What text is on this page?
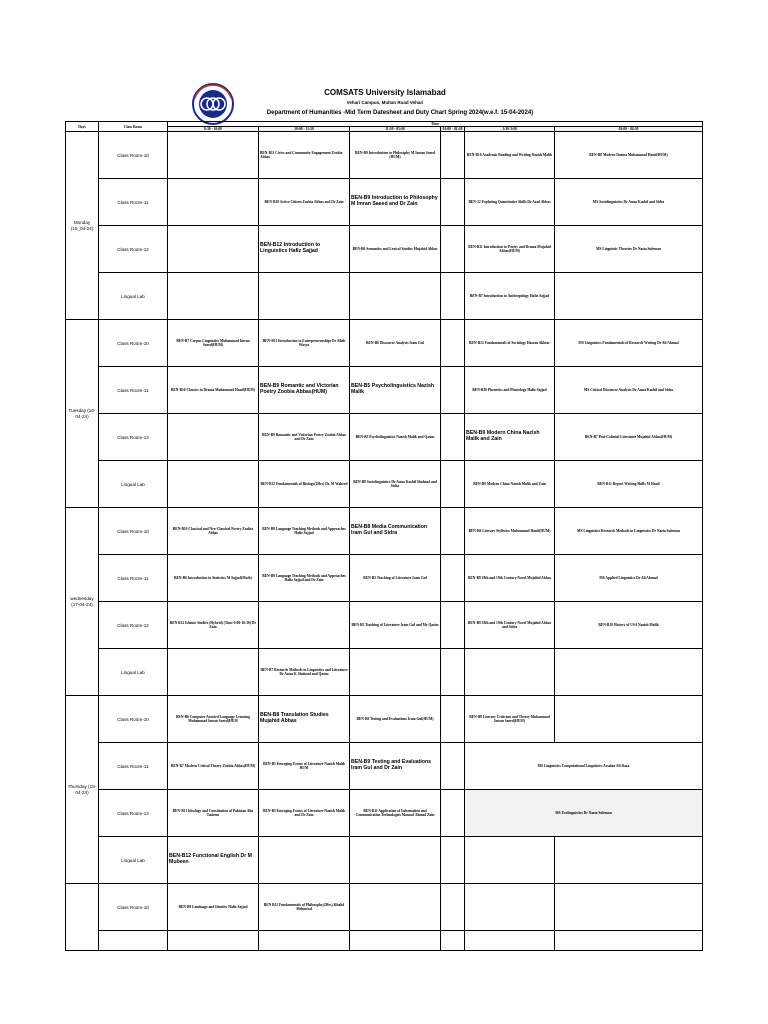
COMSATS University Islamabad
Vehari Campus, Multan Road Vehari
Department of Humanities -Mid Term Datesheet and Duty Chart Spring 2024(w.e.f. 15-04-2024)
Days	Class Room	Time					
		8:30 - 10:00	10:00 - 11:30	11:30 - 01:00	01:00 - 01:30	1:30-3:00	03:00 - 04:30
Monday (15_04-24)	Class Room-10		BEN-B11 Civics and Community Engagement Zoobia Abbas	BEN-B9 Introduction to Philosophy M Imran Saeed (HUM)		BEN-B10 Academic Reading and Writing Nazish Malik	BEN-B8 Modern Drama Muhammad Hanif(HUM)
	Class Room-11		BEN-B10 Active Citizen Zoobia Abbas and Dr Zain	BEN-B9 Introduction to Philosophy M Imran Saeed and Dr Zain		BEN-12 Exploring Quantitative Skills Dr Asad Abbas	MS Sociolinguistics Dr Asma Kashif and Sidra
	Class Room-12		BEN-B12 Introduction to Linguistics Hafiz Sajjad	BEN-B6 Semantics and Lexical Studies Mujahid Abbas		BEN-B11 Introduction to Poetry and Drama Mujahid Abbas(HUM)	MS Linguistic Theories Dr Nazia Suleman
	Lingual Lab					BEN-B7 Introduction to Anthropology Hafiz Sajjad	
Tuesday (16-04-24)	Class Room-10	BEN-B7 Corpus Linguistics Muhammad Imran Saeed(HUM)	BEN-B11 Introduction to Entrepreneurships Dr Allah Wasya	BEN-B6 Discourse Analysis Iram Gul		BEN-B12 Fundamentals of Sociology Hassan Akhtar	MS Linguistics Fundamentals of Research Writing Dr Ali Ahmad
	Class Room-11	BEN-B10 Classics in Drama Muhammad Hanif(HUM)	BEN-B9 Romantic and Victorian Poetry Zoobia Abbas(HUM)	BEN-B5 Psycholinguistics Nazish Malik		BEN-B10 Phonetics and Phonology Hafiz Sajjad	MS Critical Discourse Analysis Dr Asma Kashif and Sidra
	Class Room-12		BEN-B9 Romantic and Victorian Poetry Zoobia Abbas and Dr Zain	BEN-B5 Psycholinguistics Nazish Malik and Qasim		BEN-B9 Modern China Nazish Malik and Zain	BEN-B7 Post-Colonial Literature Mujahid Abbas(HUM)
	Lingual Lab		BEN-B12 Fundamentals of Biology(2Hrs) Dr. M Waheed	BEN-B8 Sociolinguistics Dr Asma Kashif Shahzad and Sidra		BEN-B9 Modern China Nazish Malik and Zain	BEN-B11 Report Writing Skills M Hanif
wednesday (17-04-24)	Class Room-10	BEN-B10 Classical and Neo-Classical Poetry Zoobia Abbas	BEN-B9 Language Teaching Methods and Approaches Hafiz Sajjad	BEN-B8 Media Communication Iram Gul and Sidra		BEN-B6 Literary Stylistics Muhammad Hanif(HUM)	MS Linguistics Research Methods in Linguistics Dr Nazia Suleman
	Class Room-11	BEN-B6 Introduction to Statistics M Sajjad(Math)	BEN-B9 Language Teaching Methods and Approaches Hafiz Sajjad and Dr Zain	BEN-B5 Teaching of Literature Iram Gul		BEN-B9 18th and 19th Century Novel Mujahid Abbas	MS Applied Linguistics Dr Ali Ahmad
	Class Room-12	BEN B12 Islamic Studies (Hybrid) (Time 9:00-10:30) Dr Zain		BEN-B5 Teaching of Literature Iram Gul and Mr Qasim		BEN-B9 18th and 19th Century Novel Mujahid Abbas and Sidra	BEN-B10 History of USA Nazish Malik
	Lingual Lab		BEN-B7 Research Methods in Linguistics and Literature Dr Asma K Shahzad and Qasim				
Thursday (18-04-24)	Class Room-10	BEN-B6 Computer Assisted Language Learning Muhammad Imran Saeed(HUM	BEN-B8 Translation Studies Mujahid Abbas	BEN-B9 Testing and Evaluations Iram Gul(HUM)		BEN-B8 Literary Criticism and Theory Muhammad Imran Saeed(HUM)	
	Class Room-11	BEN-B7 Modern Critical Theory Zoobia Abbas(HUM)	BEN-B5 Emerging Forms of Literature Nazish Malik HUM	BEN-B9 Testing and Evaluations Iram Gul and Dr Zain		MS Linguistics Computational Linguistics Arsalan Ali Raza	
	Class Room-12	BEN-B11 Ideology and Constitution of Pakistan Alia Tasleem	BEN-B5 Emerging Forms of Literature Nazish Malik and Dr Zain	BEN-B11 Application of Information and Communication Technologies Masoud Ahmad Zain		MS Ecolinguistics Dr Nazia Suleman	
	Lingual Lab	BEN-B12 Functional English Dr M Mubeen					
	Class Room-10	BEN-B8 Landuage and Identity Hafiz Sajjad	BEN B12 Fundamentals of Philosophy(2Hrs) Khalid Mehmood				
